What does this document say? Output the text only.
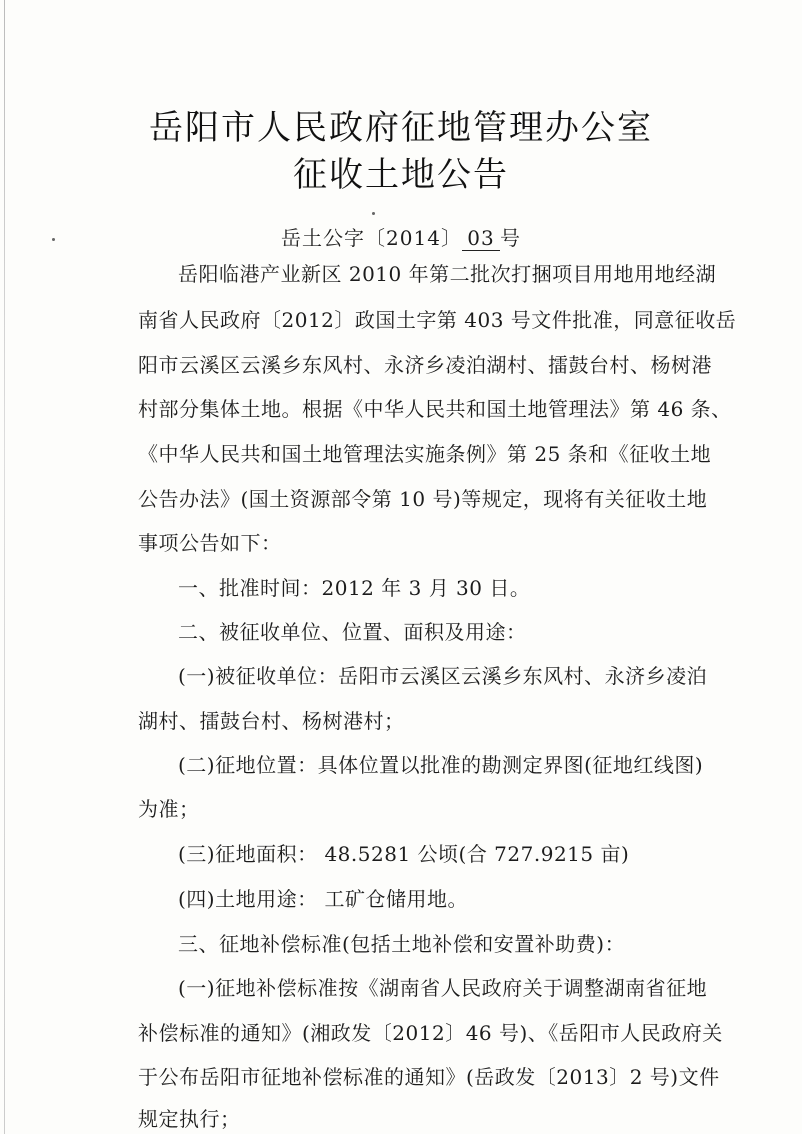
岳阳市人民政府征地管理办公室
征收土地公告
岳土公字〔2014〕 03 号
岳阳临港产业新区 2010 年第二批次打捆项目用地用地经湖
南省人民政府〔2012〕政国土字第 403 号文件批准，同意征收岳
阳市云溪区云溪乡东风村、永济乡凌泊湖村、擂鼓台村、杨树港
村部分集体土地。根据《中华人民共和国土地管理法》第 46 条、
《中华人民共和国土地管理法实施条例》第 25 条和《征收土地
公告办法》(国土资源部令第 10 号)等规定，现将有关征收土地
事项公告如下：
一、批准时间：2012 年 3 月 30 日。
二、被征收单位、位置、面积及用途：
(一)被征收单位：岳阳市云溪区云溪乡东风村、永济乡凌泊
湖村、擂鼓台村、杨树港村；
(二)征地位置：具体位置以批准的勘测定界图(征地红线图)
为准；
(三)征地面积： 48.5281 公顷(合 727.9215 亩)
(四)土地用途： 工矿仓储用地。
三、征地补偿标准(包括土地补偿和安置补助费)：
(一)征地补偿标准按《湖南省人民政府关于调整湖南省征地
补偿标准的通知》(湘政发〔2012〕46 号)、《岳阳市人民政府关
于公布岳阳市征地补偿标准的通知》(岳政发〔2013〕2 号)文件
规定执行；
